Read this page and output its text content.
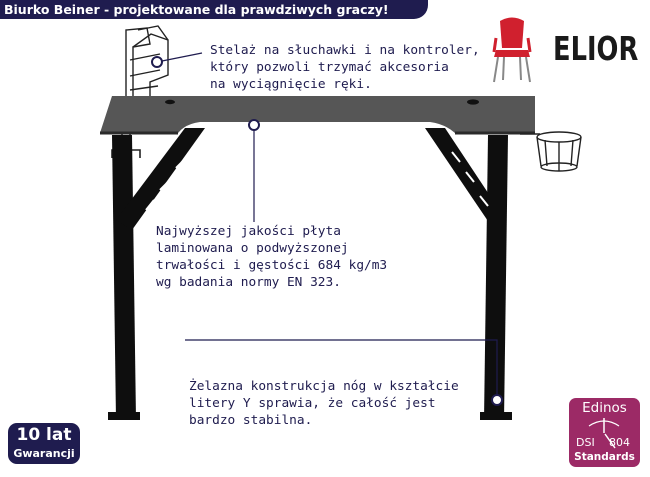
Biurko Beiner - projektowane dla prawdziwych graczy!
Stelaż na słuchawki i na kontroler,
który pozwoli trzymać akcesoria
na wyciągnięcie ręki.
Najwyższej jakości płyta
laminowana o podwyższonej
trwałości i gęstości 684 kg/m3
wg badania normy EN 323.
Żelazna konstrukcja nóg w kształcie
litery Y sprawia, że całość jest
bardzo stabilna.
ELIOR
10 lat
Gwarancji
Edinos
DSI 804
Standards
